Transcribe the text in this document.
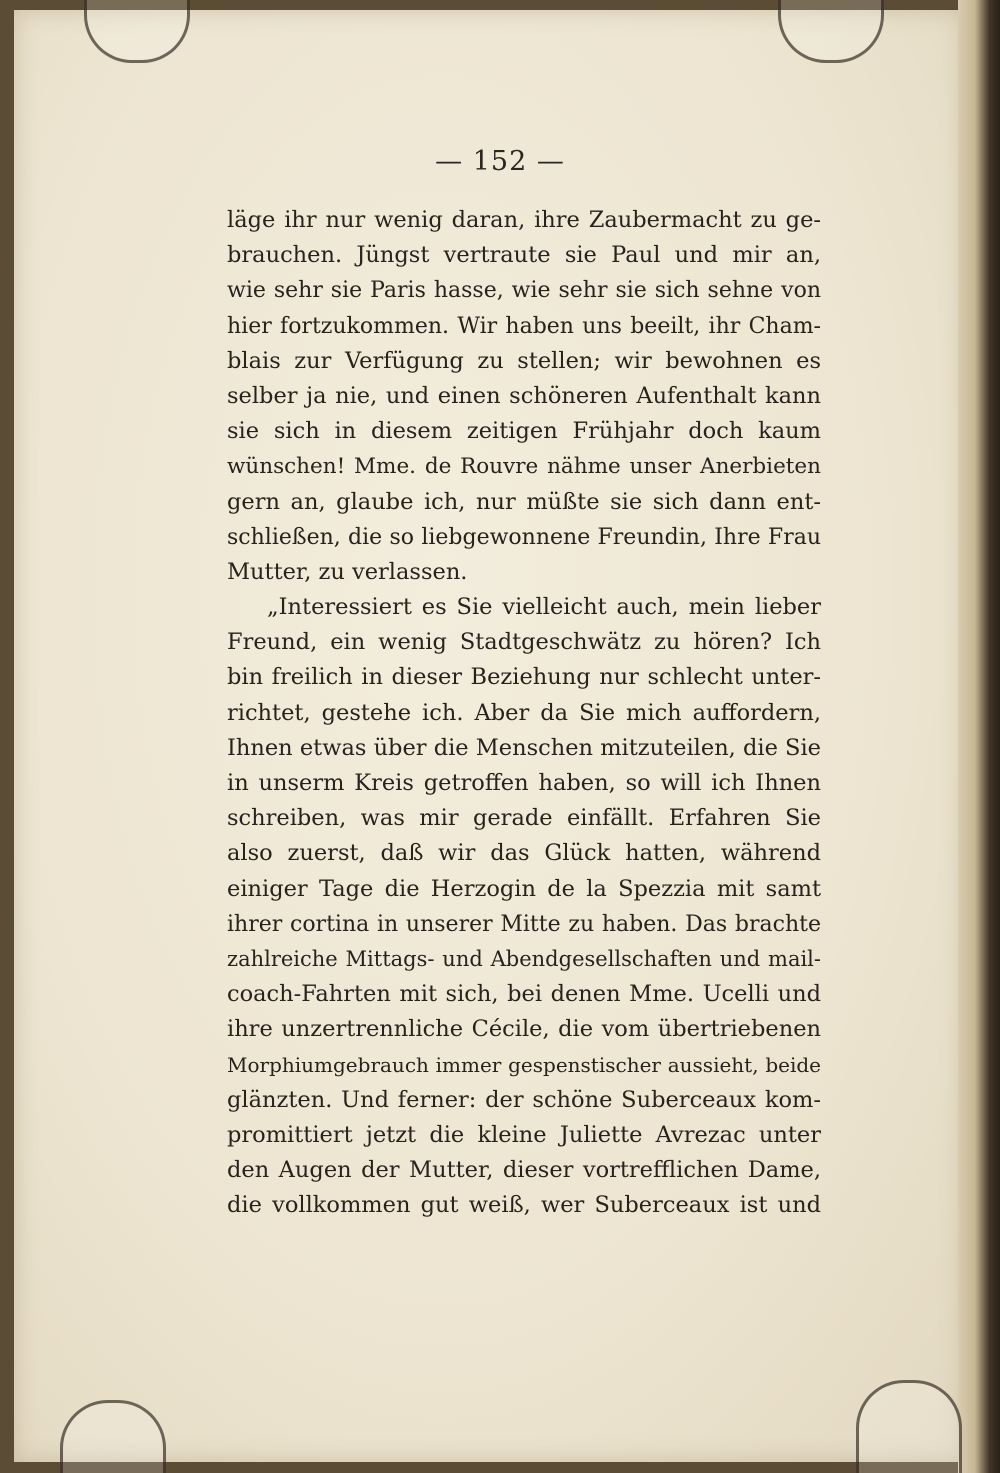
— 152 —
läge ihr nur wenig daran, ihre Zaubermacht zu ge-
brauchen. Jüngst vertraute sie Paul und mir an,
wie sehr sie Paris hasse, wie sehr sie sich sehne von
hier fortzukommen. Wir haben uns beeilt, ihr Cham-
blais zur Verfügung zu stellen; wir bewohnen es
selber ja nie, und einen schöneren Aufenthalt kann
sie sich in diesem zeitigen Frühjahr doch kaum
wünschen! Mme. de Rouvre nähme unser Anerbieten
gern an, glaube ich, nur müßte sie sich dann ent-
schließen, die so liebgewonnene Freundin, Ihre Frau
Mutter, zu verlassen.
„Interessiert es Sie vielleicht auch, mein lieber
Freund, ein wenig Stadtgeschwätz zu hören? Ich
bin freilich in dieser Beziehung nur schlecht unter-
richtet, gestehe ich. Aber da Sie mich auffordern,
Ihnen etwas über die Menschen mitzuteilen, die Sie
in unserm Kreis getroffen haben, so will ich Ihnen
schreiben, was mir gerade einfällt. Erfahren Sie
also zuerst, daß wir das Glück hatten, während
einiger Tage die Herzogin de la Spezzia mit samt
ihrer cortina in unserer Mitte zu haben. Das brachte
zahlreiche Mittags- und Abendgesellschaften und mail-
coach-Fahrten mit sich, bei denen Mme. Ucelli und
ihre unzertrennliche Cécile, die vom übertriebenen
Morphiumgebrauch immer gespenstischer aussieht, beide
glänzten. Und ferner: der schöne Suberceaux kom-
promittiert jetzt die kleine Juliette Avrezac unter
den Augen der Mutter, dieser vortrefflichen Dame,
die vollkommen gut weiß, wer Suberceaux ist und
